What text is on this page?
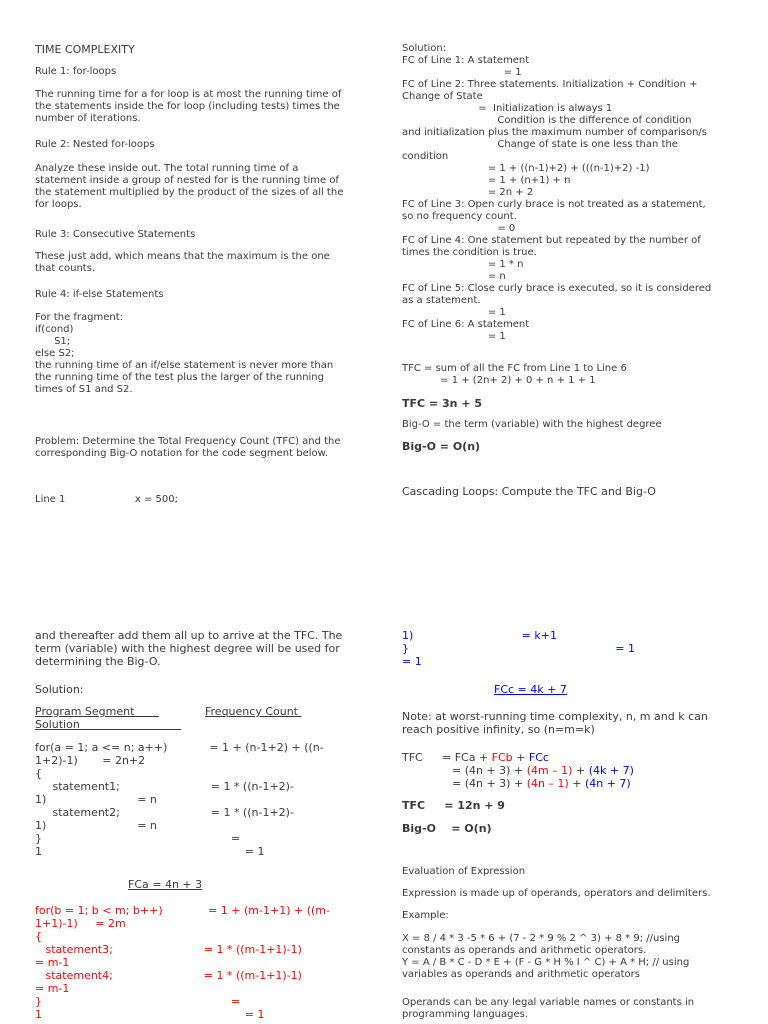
TIME COMPLEXITY
Rule 1: for-loops
The running time for a for loop is at most the running time of
the statements inside the for loop (including tests) times the
number of iterations.
Rule 2: Nested for-loops
Analyze these inside out. The total running time of a
statement inside a group of nested for is the running time of
the statement multiplied by the product of the sizes of all the
for loops.
Rule 3: Consecutive Statements
These just add, which means that the maximum is the one
that counts.
Rule 4: if-else Statements
For the fragment:
if(cond)
S1;
else S2;
the running time of an if/else statement is never more than
the running time of the test plus the larger of the running
times of S1 and S2.
Problem: Determine the Total Frequency Count (TFC) and the
corresponding Big-O notation for the code segment below.

Line 1	x = 500;

Solution:
FC of Line 1: A statement
= 1
FC of Line 2: Three statements. Initialization + Condition +
Change of State
=  Initialization is always 1
Condition is the difference of condition
and initialization plus the maximum number of comparison/s
Change of state is one less than the
condition
= 1 + ((n-1)+2) + (((n-1)+2) -1)
= 1 + (n+1) + n
= 2n + 2
FC of Line 3: Open curly brace is not treated as a statement,
so no frequency count.
= 0
FC of Line 4: One statement but repeated by the number of
times the condition is true.
= 1 * n
= n
FC of Line 5: Close curly brace is executed, so it is considered
as a statement.
= 1
FC of Line 6: A statement
= 1
TFC = sum of all the FC from Line 1 to Line 6
= 1 + (2n+ 2) + 0 + n + 1 + 1
TFC = 3n + 5
Big-O = the term (variable) with the highest degree
Big-O = O(n)
Cascading Loops: Compute the TFC and Big-O
and thereafter add them all up to arrive at the TFC. The
term (variable) with the highest degree will be used for
determining the Big-O.
Solution:
Program Segment
Solution
Frequency Count
for(a = 1; a <= n; a++)            = 1 + (n-1+2) + ((n-
1+2)-1)       = 2n+2
{
statement1;                          = 1 * ((n-1+2)-
1)                          = n
statement2;                          = 1 * ((n-1+2)-
1)                          = n
}                                                      =
1                                                          = 1
FCa = 4n + 3
for(b = 1; b < m; b++)             = 1 + (m-1+1) + ((m-
1+1)-1)     = 2m
{
statement3;                          = 1 * ((m-1+1)-1)
= m-1
statement4;                          = 1 * ((m-1+1)-1)
= m-1
}                                                      =
1                                                          = 1
1)                               = k+1
}                                                           = 1
= 1
FCc = 4k + 7
Note: at worst-running time complexity, n, m and k can
reach positive infinity, so (n=m=k)
TFC = FCa + FCb + FCc
= (4n + 3) + (4m – 1) + (4k + 7)
= (4n + 3) + (4n – 1) + (4n + 7)
TFC     = 12n + 9
Big-O    = O(n)
Evaluation of Expression
Expression is made up of operands, operators and delimiters.
Example:
X = 8 / 4 * 3 -5 * 6 + (7 - 2 * 9 % 2 ^ 3) + 8 * 9; //using
constants as operands and arithmetic operators.
Y = A / B * C - D * E + (F - G * H % I ^ C) + A * H; // using
variables as operands and arithmetic operators
Operands can be any legal variable names or constants in
programming languages.
